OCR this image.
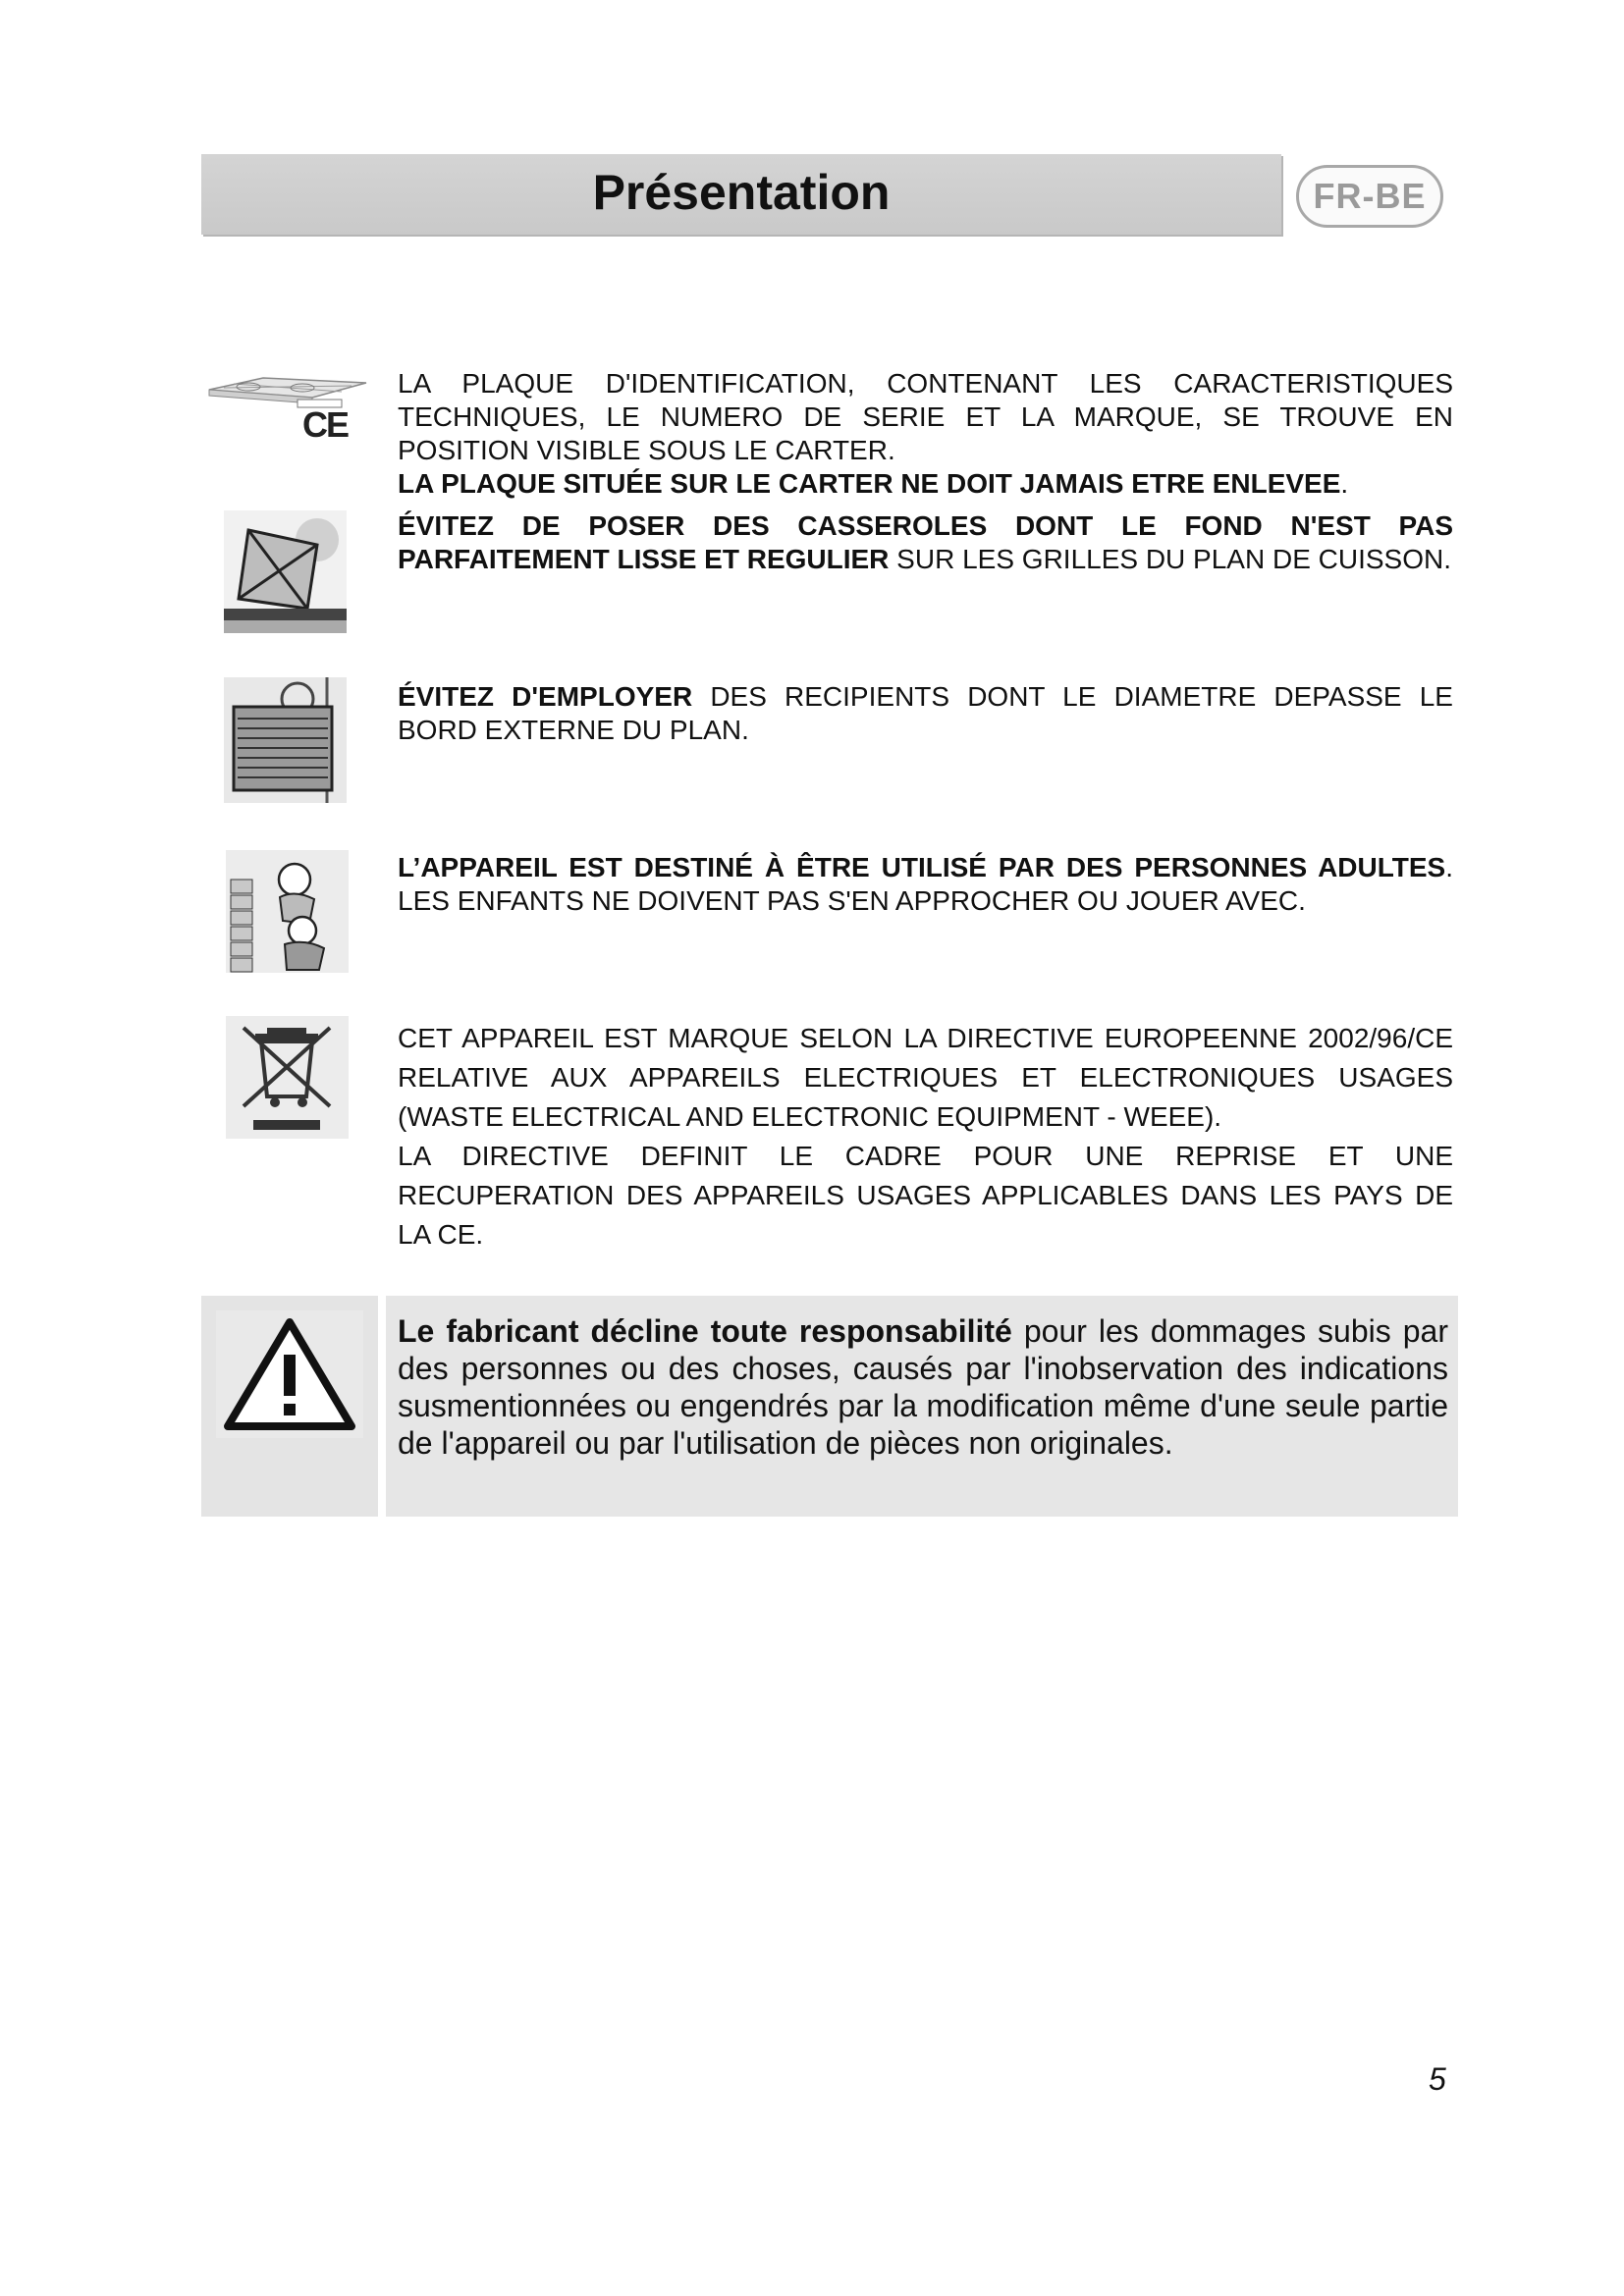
Présentation	FR-BE
CE

LA PLAQUE D'IDENTIFICATION, CONTENANT LES CARACTERISTIQUES TECHNIQUES, LE NUMERO DE SERIE ET LA MARQUE, SE TROUVE EN POSITION VISIBLE SOUS LE CARTER.

LA PLAQUE SITUÉE SUR LE CARTER NE DOIT JAMAIS ETRE ENLEVEE.

ÉVITEZ DE POSER DES CASSEROLES DONT LE FOND N'EST PAS PARFAITEMENT LISSE ET REGULIER SUR LES GRILLES DU PLAN DE CUISSON.

ÉVITEZ D'EMPLOYER DES RECIPIENTS DONT LE DIAMETRE DEPASSE LE BORD EXTERNE DU PLAN.

L’APPAREIL EST DESTINÉ À ÊTRE UTILISÉ PAR DES PERSONNES ADULTES. LES ENFANTS NE DOIVENT PAS S'EN APPROCHER OU JOUER AVEC.

CET APPAREIL EST MARQUE SELON LA DIRECTIVE EUROPEENNE 2002/96/CE RELATIVE AUX APPAREILS ELECTRIQUES ET ELECTRONIQUES USAGES (WASTE ELECTRICAL AND ELECTRONIC EQUIPMENT - WEEE).

LA DIRECTIVE DEFINIT LE CADRE POUR UNE REPRISE ET UNE RECUPERATION DES APPAREILS USAGES APPLICABLES DANS LES PAYS DE LA CE.

Le fabricant décline toute responsabilité pour les dommages subis par des personnes ou des choses, causés par l'inobservation des indications susmentionnées ou engendrés par la modification même d'une seule partie de l'appareil ou par l'utilisation de pièces non originales.
5
